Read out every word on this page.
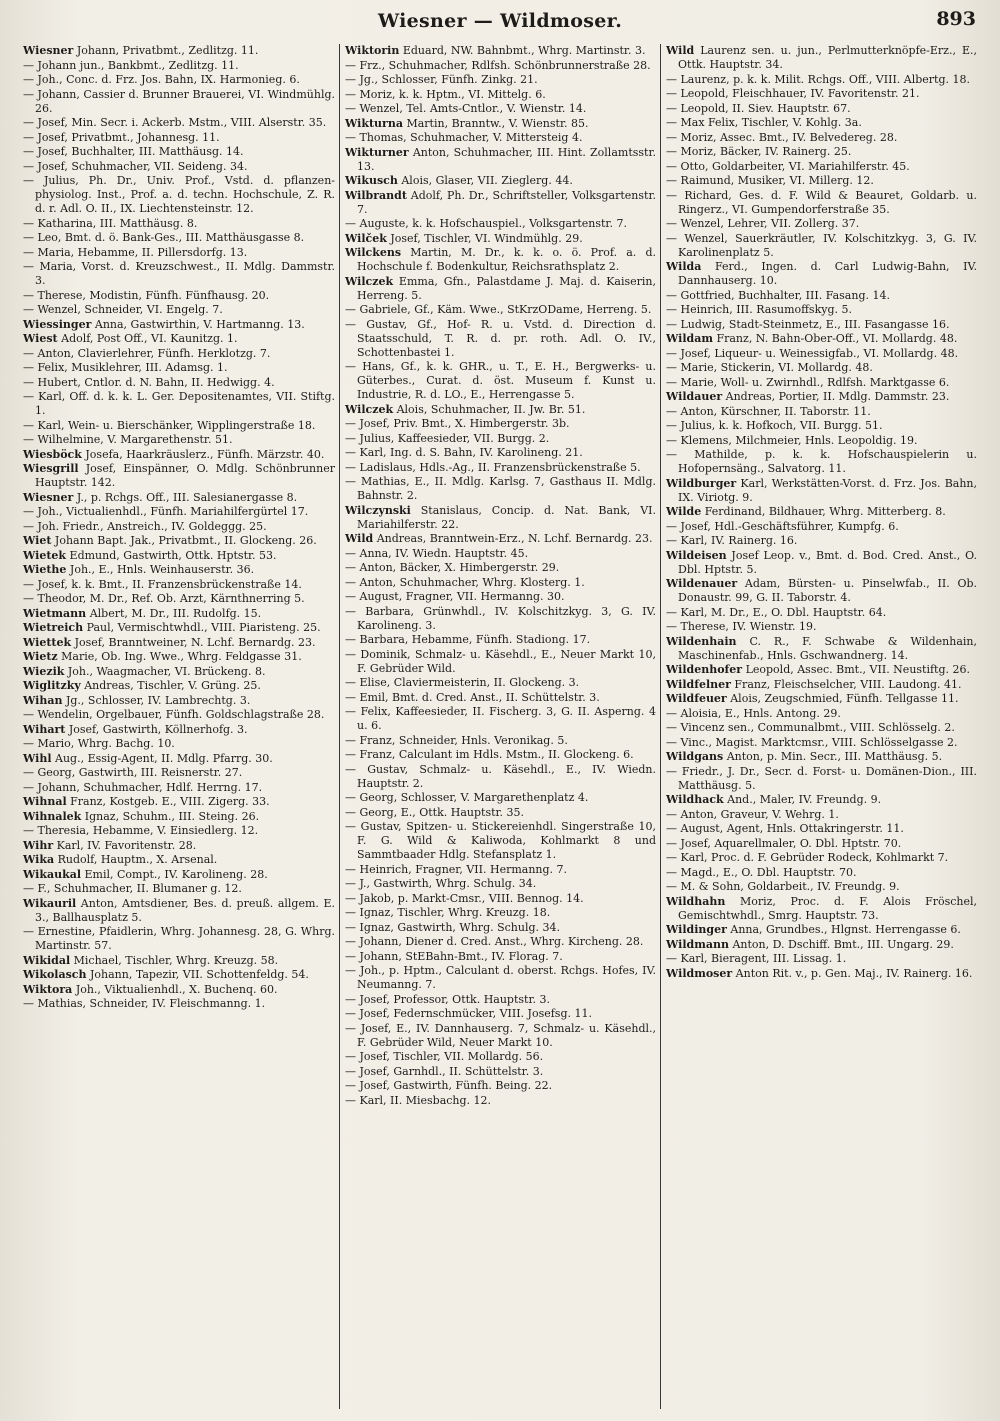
Wiesner — Wildmoser.	893
Wiesner Johann, Privatbmt., Zedlitzg. 11.
— Johann jun., Bankbmt., Zedlitzg. 11.
— Joh., Conc. d. Frz. Jos. Bahn, IX. Harmonieg. 6.
— Johann, Cassier d. Brunner Brauerei, VI. Windmühlg. 26.
— Josef, Min. Secr. i. Ackerb. Mstm., VIII. Alserstr. 35.
— Josef, Privatbmt., Johannesg. 11.
— Josef, Buchhalter, III. Matthäusg. 14.
— Josef, Schuhmacher, VII. Seideng. 34.
— Julius, Ph. Dr., Univ. Prof., Vstd. d. pflanzen-physiolog. Inst., Prof. a. d. techn. Hochschule, Z. R. d. r. Adl. O. II., IX. Liechtensteinstr. 12.
— Katharina, III. Matthäusg. 8.
— Leo, Bmt. d. ö. Bank-Ges., III. Matthäusgasse 8.
— Maria, Hebamme, II. Pillersdorfg. 13.
— Maria, Vorst. d. Kreuzschwest., II. Mdlg. Dammstr. 3.
— Therese, Modistin, Fünfh. Fünfhausg. 20.
— Wenzel, Schneider, VI. Engelg. 7.
Wiessinger Anna, Gastwirthin, V. Hartmanng. 13.
Wiest Adolf, Post Off., VI. Kaunitzg. 1.
— Anton, Clavierlehrer, Fünfh. Herklotzg. 7.
— Felix, Musiklehrer, III. Adamsg. 1.
— Hubert, Cntlor. d. N. Bahn, II. Hedwigg. 4.
— Karl, Off. d. k. k. L. Ger. Depositenamtes, VII. Stiftg. 1.
— Karl, Wein- u. Bierschänker, Wipplingerstraße 18.
— Wilhelmine, V. Margarethenstr. 51.
Wiesböck Josefa, Haarkräuslerz., Fünfh. Märzstr. 40.
Wiesgrill Josef, Einspänner, O. Mdlg. Schönbrunner Hauptstr. 142.
Wiesner J., p. Rchgs. Off., III. Salesianergasse 8.
— Joh., Victualienhdl., Fünfh. Mariahilfergürtel 17.
— Joh. Friedr., Anstreich., IV. Goldeggg. 25.
Wiet Johann Bapt. Jak., Privatbmt., II. Glockeng. 26.
Wietek Edmund, Gastwirth, Ottk. Hptstr. 53.
Wiethe Joh., E., Hnls. Weinhauserstr. 36.
— Josef, k. k. Bmt., II. Franzensbrückenstraße 14.
— Theodor, M. Dr., Ref. Ob. Arzt, Kärnthnerring 5.
Wietmann Albert, M. Dr., III. Rudolfg. 15.
Wietreich Paul, Vermischtwhdl., VIII. Piaristeng. 25.
Wiettek Josef, Branntweiner, N. Lchf. Bernardg. 23.
Wietz Marie, Ob. Ing. Wwe., Whrg. Feldgasse 31.
Wiezik Joh., Waagmacher, VI. Brückeng. 8.
Wiglitzky Andreas, Tischler, V. Grüng. 25.
Wihan Jg., Schlosser, IV. Lambrechtg. 3.
— Wendelin, Orgelbauer, Fünfh. Goldschlagstraße 28.
Wihart Josef, Gastwirth, Köllnerhofg. 3.
— Mario, Whrg. Bachg. 10.
Wihl Aug., Essig-Agent, II. Mdlg. Pfarrg. 30.
— Georg, Gastwirth, III. Reisnerstr. 27.
— Johann, Schuhmacher, Hdlf. Herrng. 17.
Wihnal Franz, Kostgeb. E., VIII. Zigerg. 33.
Wihnalek Ignaz, Schuhm., III. Steing. 26.
— Theresia, Hebamme, V. Einsiedlerg. 12.
Wihr Karl, IV. Favoritenstr. 28.
Wika Rudolf, Hauptm., X. Arsenal.
Wikaukal Emil, Compt., IV. Karolineng. 28.
— F., Schuhmacher, II. Blumaner g. 12.
Wikauril Anton, Amtsdiener, Bes. d. preuß. allgem. E. 3., Ballhausplatz 5.
— Ernestine, Pfaidlerin, Whrg. Johannesg. 28, G. Whrg. Martinstr. 57.
Wikidal Michael, Tischler, Whrg. Kreuzg. 58.
Wikolasch Johann, Tapezir, VII. Schottenfeldg. 54.
Wiktora Joh., Viktualienhdl., X. Buchenq. 60.
— Mathias, Schneider, IV. Fleischmanng. 1.
Wiktorin Eduard, NW. Bahnbmt., Whrg. Martinstr. 3.
— Frz., Schuhmacher, Rdlfsh. Schönbrunnerstraße 28.
— Jg., Schlosser, Fünfh. Zinkg. 21.
— Moriz, k. k. Hptm., VI. Mittelg. 6.
— Wenzel, Tel. Amts-Cntlor., V. Wienstr. 14.
Wikturna Martin, Branntw., V. Wienstr. 85.
— Thomas, Schuhmacher, V. Mittersteig 4.
Wikturner Anton, Schuhmacher, III. Hint. Zollamtsstr. 13.
Wikusch Alois, Glaser, VII. Zieglerg. 44.
Wilbrandt Adolf, Ph. Dr., Schriftsteller, Volksgartenstr. 7.
— Auguste, k. k. Hofschauspiel., Volksgartenstr. 7.
Wilček Josef, Tischler, VI. Windmühlg. 29.
Wilckens Martin, M. Dr., k. k. o. ö. Prof. a. d. Hochschule f. Bodenkultur, Reichsrathsplatz 2.
Wilczek Emma, Gfn., Palastdame J. Maj. d. Kaiserin, Herreng. 5.
— Gabriele, Gf., Käm. Wwe., StKrzODame, Herreng. 5.
— Gustav, Gf., Hof- R. u. Vstd. d. Direction d. Staatsschuld, T. R. d. pr. roth. Adl. O. IV., Schottenbastei 1.
— Hans, Gf., k. k. GHR., u. T., E. H., Bergwerks- u. Güterbes., Curat. d. öst. Museum f. Kunst u. Industrie, R. d. LO., E., Herrengasse 5.
Wilczek Alois, Schuhmacher, II. Jw. Br. 51.
— Josef, Priv. Bmt., X. Himbergerstr. 3b.
— Julius, Kaffeesieder, VII. Burgg. 2.
— Karl, Ing. d. S. Bahn, IV. Karolineng. 21.
— Ladislaus, Hdls.-Ag., II. Franzensbrückenstraße 5.
— Mathias, E., II. Mdlg. Karlsg. 7, Gasthaus II. Mdlg. Bahnstr. 2.
Wilczynski Stanislaus, Concip. d. Nat. Bank, VI. Mariahilferstr. 22.
Wild Andreas, Branntwein-Erz., N. Lchf. Bernardg. 23.
— Anna, IV. Wiedn. Hauptstr. 45.
— Anton, Bäcker, X. Himbergerstr. 29.
— Anton, Schuhmacher, Whrg. Klosterg. 1.
— August, Fragner, VII. Hermanng. 30.
— Barbara, Grünwhdl., IV. Kolschitzkyg. 3, G. IV. Karolineng. 3.
— Barbara, Hebamme, Fünfh. Stadiong. 17.
— Dominik, Schmalz- u. Käsehdl., E., Neuer Markt 10, F. Gebrüder Wild.
— Elise, Claviermeisterin, II. Glockeng. 3.
— Emil, Bmt. d. Cred. Anst., II. Schüttelstr. 3.
— Felix, Kaffeesieder, II. Fischerg. 3, G. II. Asperng. 4 u. 6.
— Franz, Schneider, Hnls. Veronikag. 5.
— Franz, Calculant im Hdls. Mstm., II. Glockeng. 6.
— Gustav, Schmalz- u. Käsehdl., E., IV. Wiedn. Hauptstr. 2.
— Georg, Schlosser, V. Margarethenplatz 4.
— Georg, E., Ottk. Hauptstr. 35.
— Gustav, Spitzen- u. Stickereienhdl. Singerstraße 10, F. G. Wild & Kaliwoda, Kohlmarkt 8 und Sammtbaader Hdlg. Stefansplatz 1.
— Heinrich, Fragner, VII. Hermanng. 7.
— J., Gastwirth, Whrg. Schulg. 34.
— Jakob, p. Markt-Cmsr., VIII. Bennog. 14.
— Ignaz, Tischler, Whrg. Kreuzg. 18.
— Ignaz, Gastwirth, Whrg. Schulg. 34.
— Johann, Diener d. Cred. Anst., Whrg. Kircheng. 28.
— Johann, StEBahn-Bmt., IV. Florag. 7.
— Joh., p. Hptm., Calculant d. oberst. Rchgs. Hofes, IV. Neumanng. 7.
— Josef, Professor, Ottk. Hauptstr. 3.
— Josef, Federnschmücker, VIII. Josefsg. 11.
— Josef, E., IV. Dannhauserg. 7, Schmalz- u. Käsehdl., F. Gebrüder Wild, Neuer Markt 10.
— Josef, Tischler, VII. Mollardg. 56.
— Josef, Garnhdl., II. Schüttelstr. 3.
— Josef, Gastwirth, Fünfh. Being. 22.
— Karl, II. Miesbachg. 12.
Wild Laurenz sen. u. jun., Perlmutterknöpfe-Erz., E., Ottk. Hauptstr. 34.
— Laurenz, p. k. k. Milit. Rchgs. Off., VIII. Albertg. 18.
— Leopold, Fleischhauer, IV. Favoritenstr. 21.
— Leopold, II. Siev. Hauptstr. 67.
— Max Felix, Tischler, V. Kohlg. 3a.
— Moriz, Assec. Bmt., IV. Belvedereg. 28.
— Moriz, Bäcker, IV. Rainerg. 25.
— Otto, Goldarbeiter, VI. Mariahilferstr. 45.
— Raimund, Musiker, VI. Millerg. 12.
— Richard, Ges. d. F. Wild & Beauret, Goldarb. u. Ringerz., VI. Gumpendorferstraße 35.
— Wenzel, Lehrer, VII. Zollerg. 37.
— Wenzel, Sauerkräutler, IV. Kolschitzkyg. 3, G. IV. Karolinenplatz 5.
Wilda Ferd., Ingen. d. Carl Ludwig-Bahn, IV. Dannhauserg. 10.
— Gottfried, Buchhalter, III. Fasang. 14.
— Heinrich, III. Rasumoffskyg. 5.
— Ludwig, Stadt-Steinmetz, E., III. Fasangasse 16.
Wildam Franz, N. Bahn-Ober-Off., VI. Mollardg. 48.
— Josef, Liqueur- u. Weinessigfab., VI. Mollardg. 48.
— Marie, Stickerin, VI. Mollardg. 48.
— Marie, Woll- u. Zwirnhdl., Rdlfsh. Marktgasse 6.
Wildauer Andreas, Portier, II. Mdlg. Dammstr. 23.
— Anton, Kürschner, II. Taborstr. 11.
— Julius, k. k. Hofkoch, VII. Burgg. 51.
— Klemens, Milchmeier, Hnls. Leopoldig. 19.
— Mathilde, p. k. k. Hofschauspielerin u. Hofopernsäng., Salvatorg. 11.
Wildburger Karl, Werkstätten-Vorst. d. Frz. Jos. Bahn, IX. Viriotg. 9.
Wilde Ferdinand, Bildhauer, Whrg. Mitterberg. 8.
— Josef, Hdl.-Geschäftsführer, Kumpfg. 6.
— Karl, IV. Rainerg. 16.
Wildeisen Josef Leop. v., Bmt. d. Bod. Cred. Anst., O. Dbl. Hptstr. 5.
Wildenauer Adam, Bürsten- u. Pinselwfab., II. Ob. Donaustr. 99, G. II. Taborstr. 4.
— Karl, M. Dr., E., O. Dbl. Hauptstr. 64.
— Therese, IV. Wienstr. 19.
Wildenhain C. R., F. Schwabe & Wildenhain, Maschinenfab., Hnls. Gschwandnerg. 14.
Wildenhofer Leopold, Assec. Bmt., VII. Neustiftg. 26.
Wildfelner Franz, Fleischselcher, VIII. Laudong. 41.
Wildfeuer Alois, Zeugschmied, Fünfh. Tellgasse 11.
— Aloisia, E., Hnls. Antong. 29.
— Vincenz sen., Communalbmt., VIII. Schlösselg. 2.
— Vinc., Magist. Marktcmsr., VIII. Schlösselgasse 2.
Wildgans Anton, p. Min. Secr., III. Matthäusg. 5.
— Friedr., J. Dr., Secr. d. Forst- u. Domänen-Dion., III. Matthäusg. 5.
Wildhack And., Maler, IV. Freundg. 9.
— Anton, Graveur, V. Wehrg. 1.
— August, Agent, Hnls. Ottakringerstr. 11.
— Josef, Aquarellmaler, O. Dbl. Hptstr. 70.
— Karl, Proc. d. F. Gebrüder Rodeck, Kohlmarkt 7.
— Magd., E., O. Dbl. Hauptstr. 70.
— M. & Sohn, Goldarbeit., IV. Freundg. 9.
Wildhahn Moriz, Proc. d. F. Alois Fröschel, Gemischtwhdl., Smrg. Hauptstr. 73.
Wildinger Anna, Grundbes., Hlgnst. Herrengasse 6.
Wildmann Anton, D. Dschiff. Bmt., III. Ungarg. 29.
— Karl, Bieragent, III. Lissag. 1.
Wildmoser Anton Rit. v., p. Gen. Maj., IV. Rainerg. 16.
